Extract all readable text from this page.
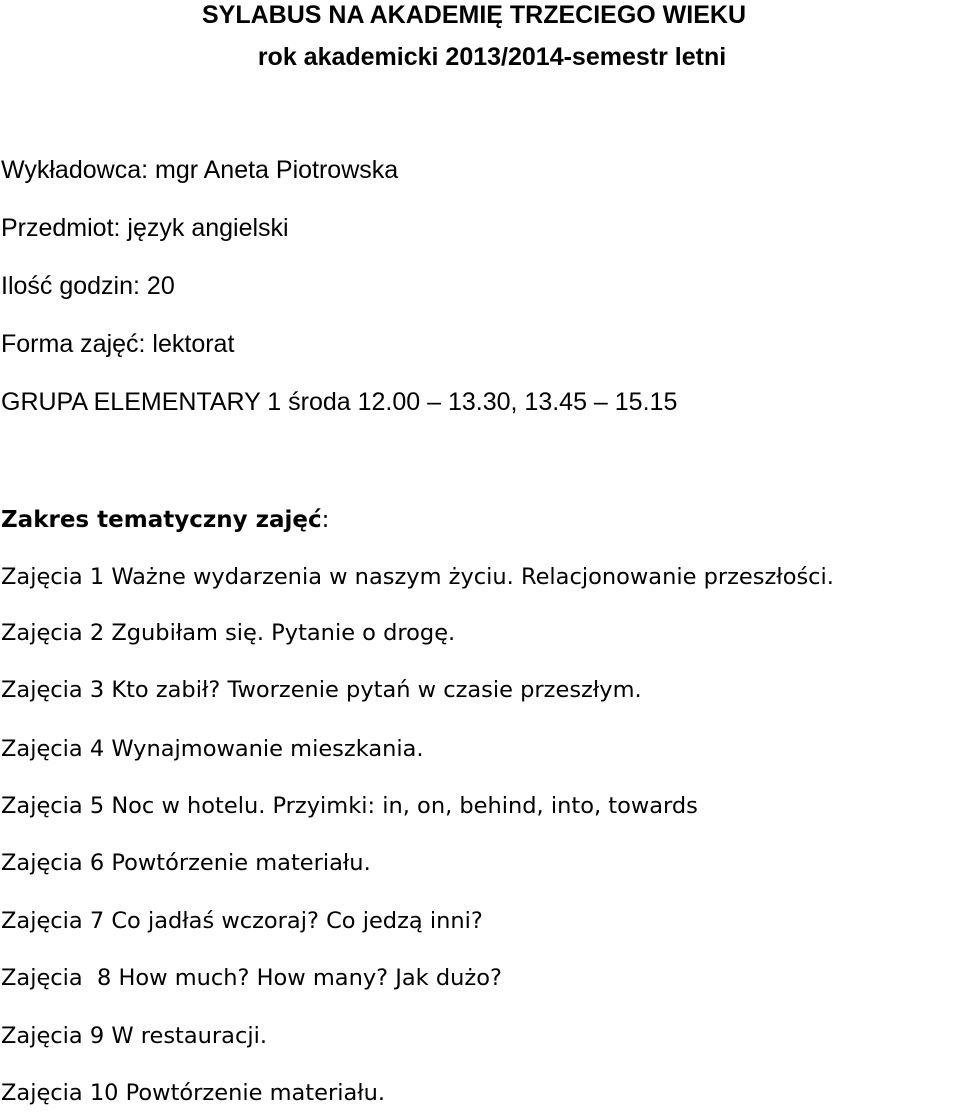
SYLABUS NA AKADEMIĘ TRZECIEGO WIEKU
rok akademicki 2013/2014-semestr letni
Wykładowca: mgr Aneta Piotrowska
Przedmiot: język angielski
Ilość godzin: 20
Forma zajęć: lektorat
GRUPA ELEMENTARY 1 środa 12.00 – 13.30, 13.45 – 15.15
Zakres tematyczny zajęć:
Zajęcia 1 Ważne wydarzenia w naszym życiu. Relacjonowanie przeszłości.
Zajęcia 2 Zgubiłam się. Pytanie o drogę.
Zajęcia 3 Kto zabił? Tworzenie pytań w czasie przeszłym.
Zajęcia 4 Wynajmowanie mieszkania.
Zajęcia 5 Noc w hotelu. Przyimki: in, on, behind, into, towards
Zajęcia 6 Powtórzenie materiału.
Zajęcia 7 Co jadłaś wczoraj? Co jedzą inni?
Zajęcia  8 How much? How many? Jak dużo?
Zajęcia 9 W restauracji.
Zajęcia 10 Powtórzenie materiału.
